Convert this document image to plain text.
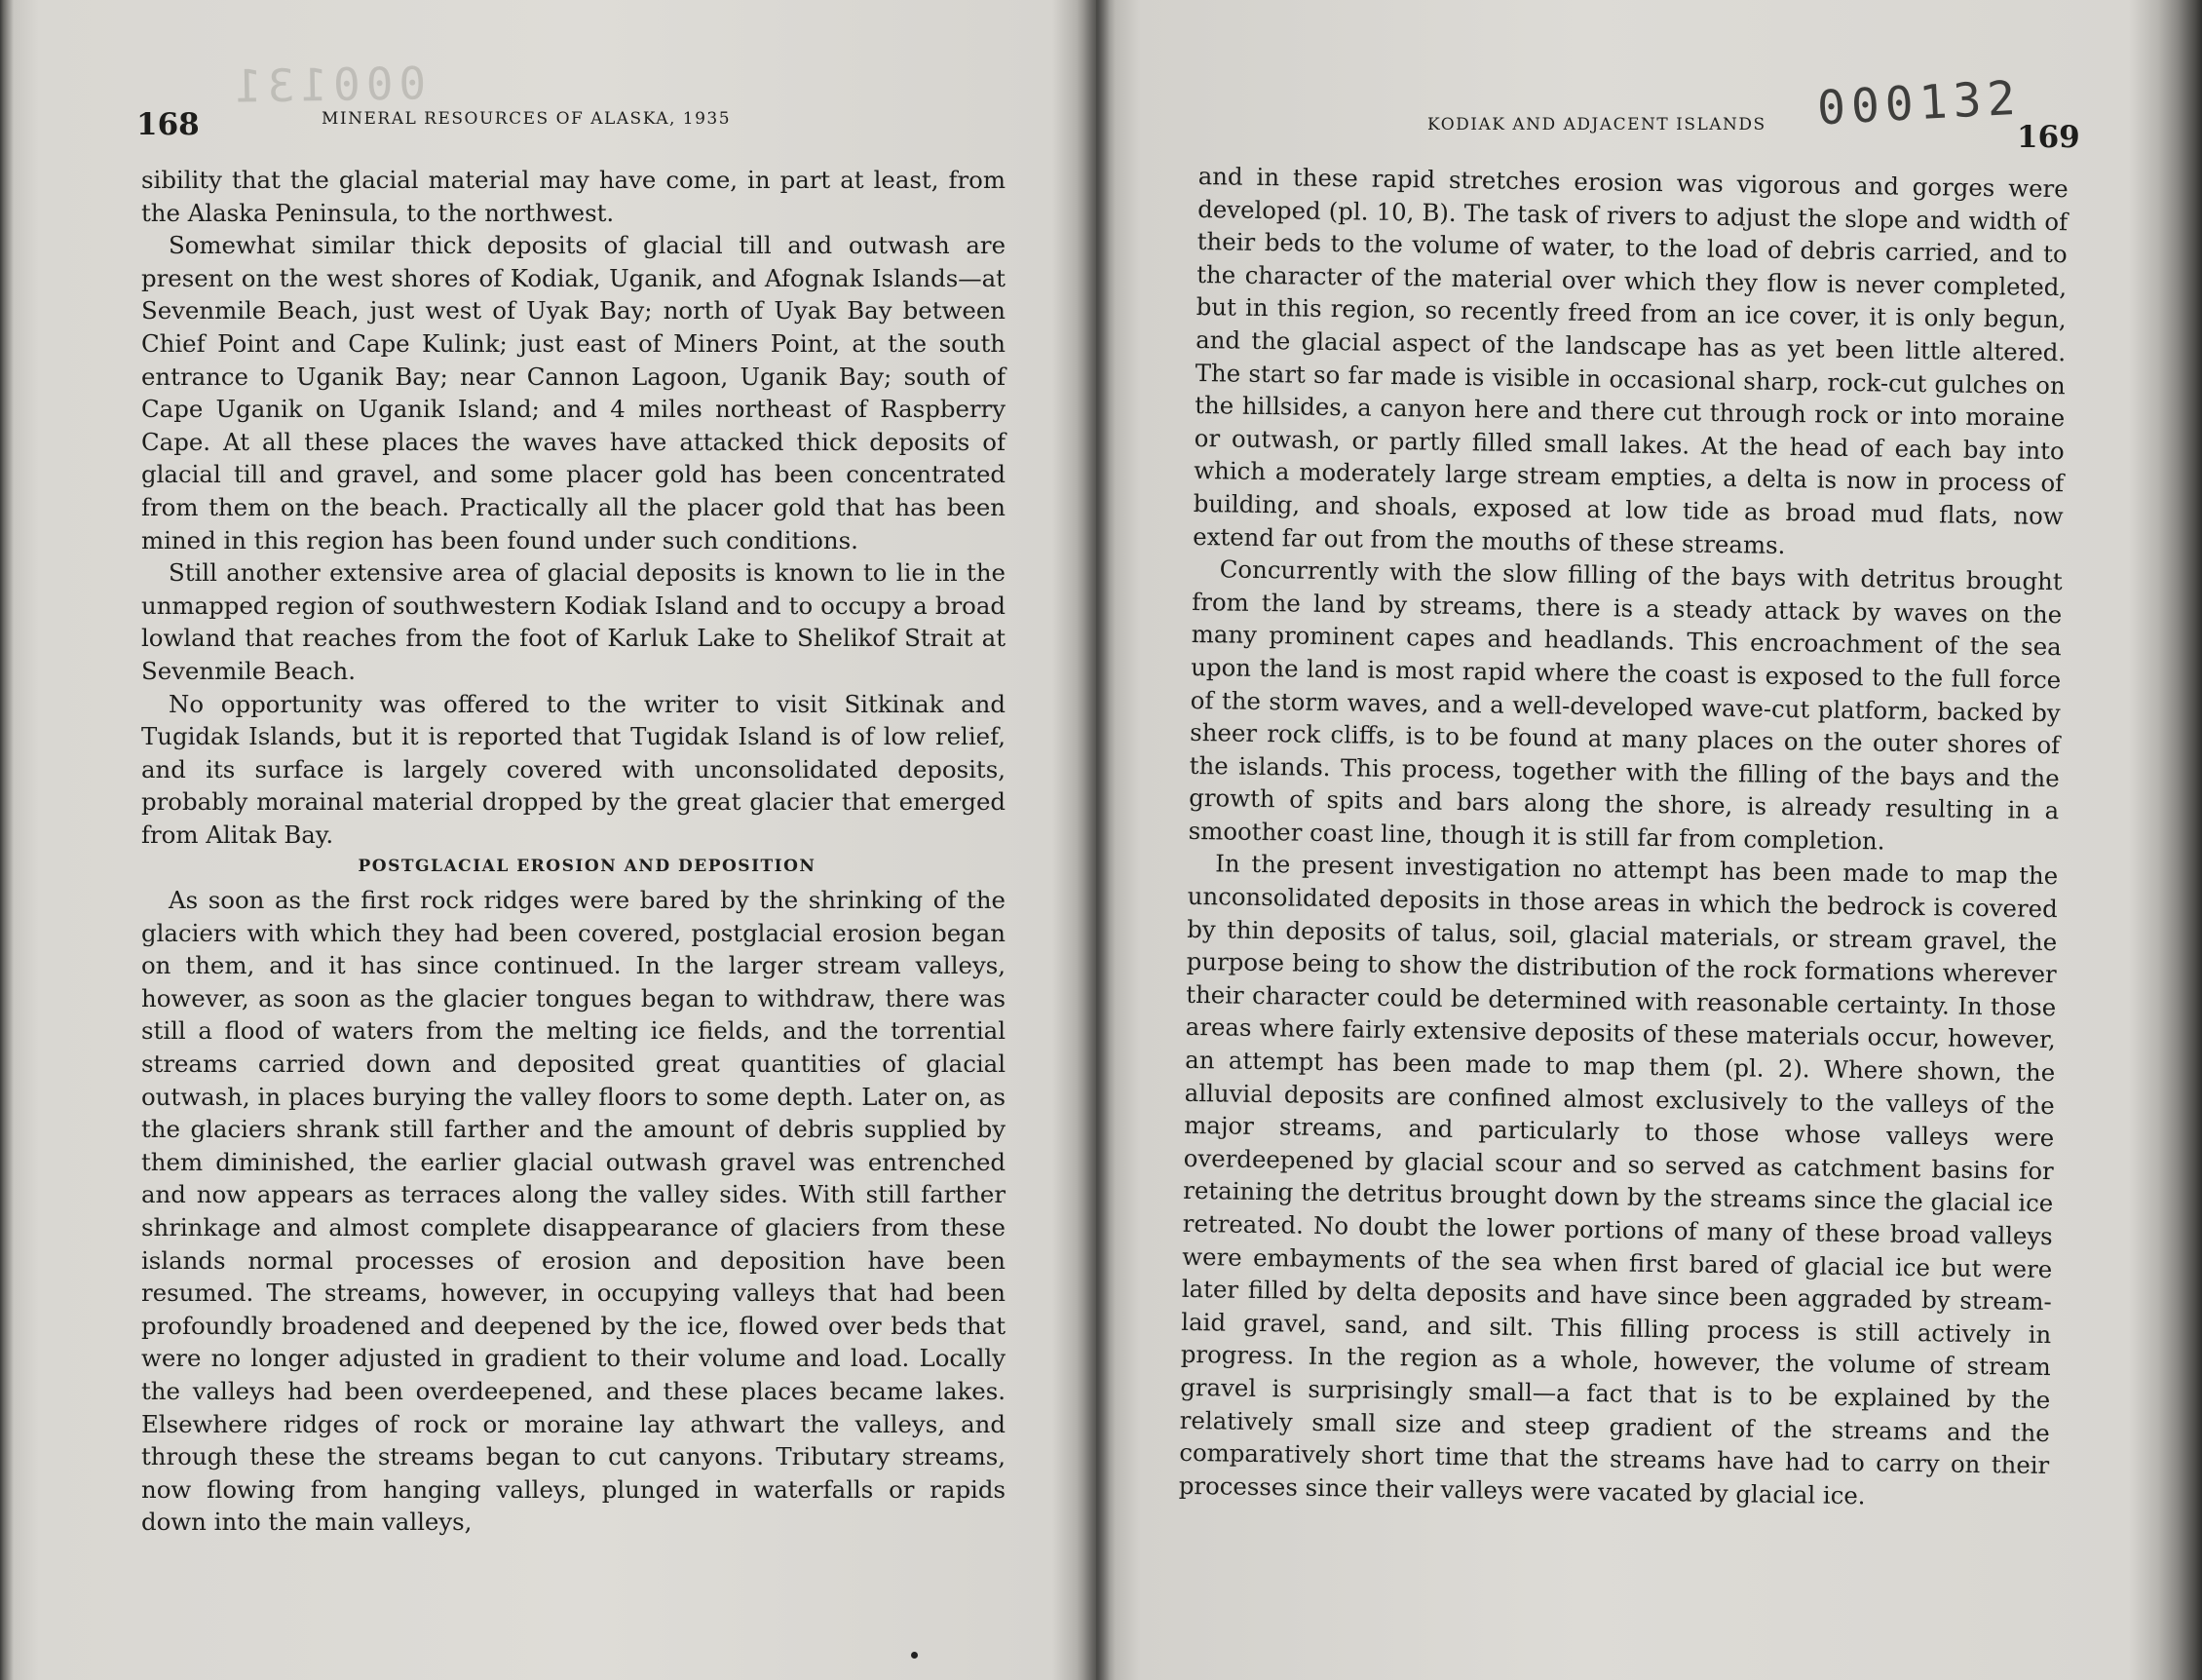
000131
168	MINERAL RESOURCES OF ALASKA, 1935

sibility that the glacial material may have come, in part at least, from the Alaska Peninsula, to the northwest.

Somewhat similar thick deposits of glacial till and outwash are present on the west shores of Kodiak, Uganik, and Afognak Islands—at Sevenmile Beach, just west of Uyak Bay; north of Uyak Bay between Chief Point and Cape Kulink; just east of Miners Point, at the south entrance to Uganik Bay; near Cannon Lagoon, Uganik Bay; south of Cape Uganik on Uganik Island; and 4 miles northeast of Raspberry Cape. At all these places the waves have attacked thick deposits of glacial till and gravel, and some placer gold has been concentrated from them on the beach. Practically all the placer gold that has been mined in this region has been found under such conditions.

Still another extensive area of glacial deposits is known to lie in the unmapped region of southwestern Kodiak Island and to occupy a broad lowland that reaches from the foot of Karluk Lake to Shelikof Strait at Sevenmile Beach.

No opportunity was offered to the writer to visit Sitkinak and Tugidak Islands, but it is reported that Tugidak Island is of low relief, and its surface is largely covered with unconsolidated deposits, probably morainal material dropped by the great glacier that emerged from Alitak Bay.

POSTGLACIAL EROSION AND DEPOSITION

As soon as the first rock ridges were bared by the shrinking of the glaciers with which they had been covered, postglacial erosion began on them, and it has since continued. In the larger stream valleys, however, as soon as the glacier tongues began to withdraw, there was still a flood of waters from the melting ice fields, and the torrential streams carried down and deposited great quantities of glacial outwash, in places burying the valley floors to some depth. Later on, as the glaciers shrank still farther and the amount of debris supplied by them diminished, the earlier glacial outwash gravel was entrenched and now appears as terraces along the valley sides. With still farther shrinkage and almost complete disappearance of glaciers from these islands normal processes of erosion and deposition have been resumed. The streams, however, in occupying valleys that had been profoundly broadened and deepened by the ice, flowed over beds that were no longer adjusted in gradient to their volume and load. Locally the valleys had been overdeepened, and these places became lakes. Elsewhere ridges of rock or moraine lay athwart the valleys, and through these the streams began to cut canyons. Tributary streams, now flowing from hanging valleys, plunged in waterfalls or rapids down into the main valleys,

000132
KODIAK AND ADJACENT ISLANDS	169

and in these rapid stretches erosion was vigorous and gorges were developed (pl. 10, B). The task of rivers to adjust the slope and width of their beds to the volume of water, to the load of debris carried, and to the character of the material over which they flow is never completed, but in this region, so recently freed from an ice cover, it is only begun, and the glacial aspect of the landscape has as yet been little altered. The start so far made is visible in occasional sharp, rock-cut gulches on the hillsides, a canyon here and there cut through rock or into moraine or outwash, or partly filled small lakes. At the head of each bay into which a moderately large stream empties, a delta is now in process of building, and shoals, exposed at low tide as broad mud flats, now extend far out from the mouths of these streams.

Concurrently with the slow filling of the bays with detritus brought from the land by streams, there is a steady attack by waves on the many prominent capes and headlands. This encroachment of the sea upon the land is most rapid where the coast is exposed to the full force of the storm waves, and a well-developed wave-cut platform, backed by sheer rock cliffs, is to be found at many places on the outer shores of the islands. This process, together with the filling of the bays and the growth of spits and bars along the shore, is already resulting in a smoother coast line, though it is still far from completion.

In the present investigation no attempt has been made to map the unconsolidated deposits in those areas in which the bedrock is covered by thin deposits of talus, soil, glacial materials, or stream gravel, the purpose being to show the distribution of the rock formations wherever their character could be determined with reasonable certainty. In those areas where fairly extensive deposits of these materials occur, however, an attempt has been made to map them (pl. 2). Where shown, the alluvial deposits are confined almost exclusively to the valleys of the major streams, and particularly to those whose valleys were overdeepened by glacial scour and so served as catchment basins for retaining the detritus brought down by the streams since the glacial ice retreated. No doubt the lower portions of many of these broad valleys were embayments of the sea when first bared of glacial ice but were later filled by delta deposits and have since been aggraded by stream-laid gravel, sand, and silt. This filling process is still actively in progress. In the region as a whole, however, the volume of stream gravel is surprisingly small—a fact that is to be explained by the relatively small size and steep gradient of the streams and the comparatively short time that the streams have had to carry on their processes since their valleys were vacated by glacial ice.
